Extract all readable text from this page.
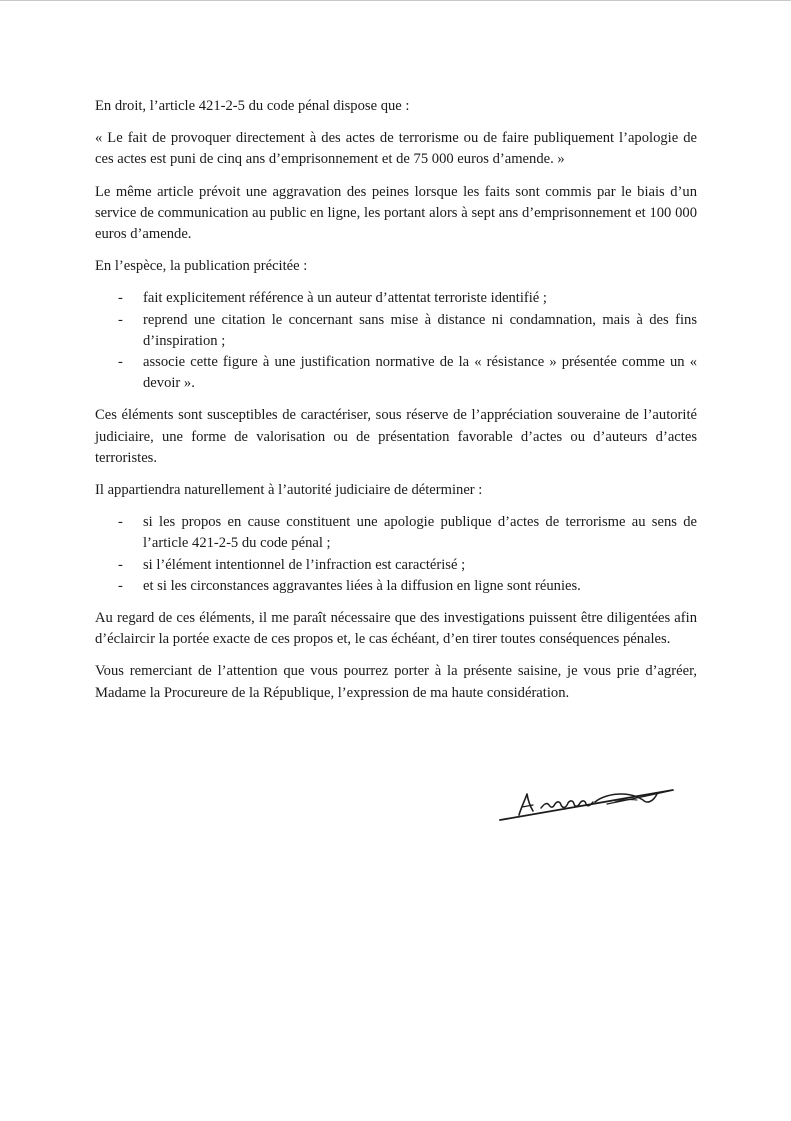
En droit, l’article 421-2-5 du code pénal dispose que :

« Le fait de provoquer directement à des actes de terrorisme ou de faire publiquement l’apologie de ces actes est puni de cinq ans d’emprisonnement et de 75 000 euros d’amende. »

Le même article prévoit une aggravation des peines lorsque les faits sont commis par le biais d’un service de communication au public en ligne, les portant alors à sept ans d’emprisonnement et 100 000 euros d’amende.

En l’espèce, la publication précitée :

- fait explicitement référence à un auteur d’attentat terroriste identifié ;
- reprend une citation le concernant sans mise à distance ni condamnation, mais à des fins d’inspiration ;
- associe cette figure à une justification normative de la « résistance » présentée comme un « devoir ».

Ces éléments sont susceptibles de caractériser, sous réserve de l’appréciation souveraine de l’autorité judiciaire, une forme de valorisation ou de présentation favorable d’actes ou d’auteurs d’actes terroristes.

Il appartiendra naturellement à l’autorité judiciaire de déterminer :

- si les propos en cause constituent une apologie publique d’actes de terrorisme au sens de l’article 421-2-5 du code pénal ;
- si l’élément intentionnel de l’infraction est caractérisé ;
- et si les circonstances aggravantes liées à la diffusion en ligne sont réunies.

Au regard de ces éléments, il me paraît nécessaire que des investigations puissent être diligentées afin d’éclaircir la portée exacte de ces propos et, le cas échéant, d’en tirer toutes conséquences pénales.

Vous remerciant de l’attention que vous pourrez porter à la présente saisine, je vous prie d’agréer, Madame la Procureure de la République, l’expression de ma haute considération.
